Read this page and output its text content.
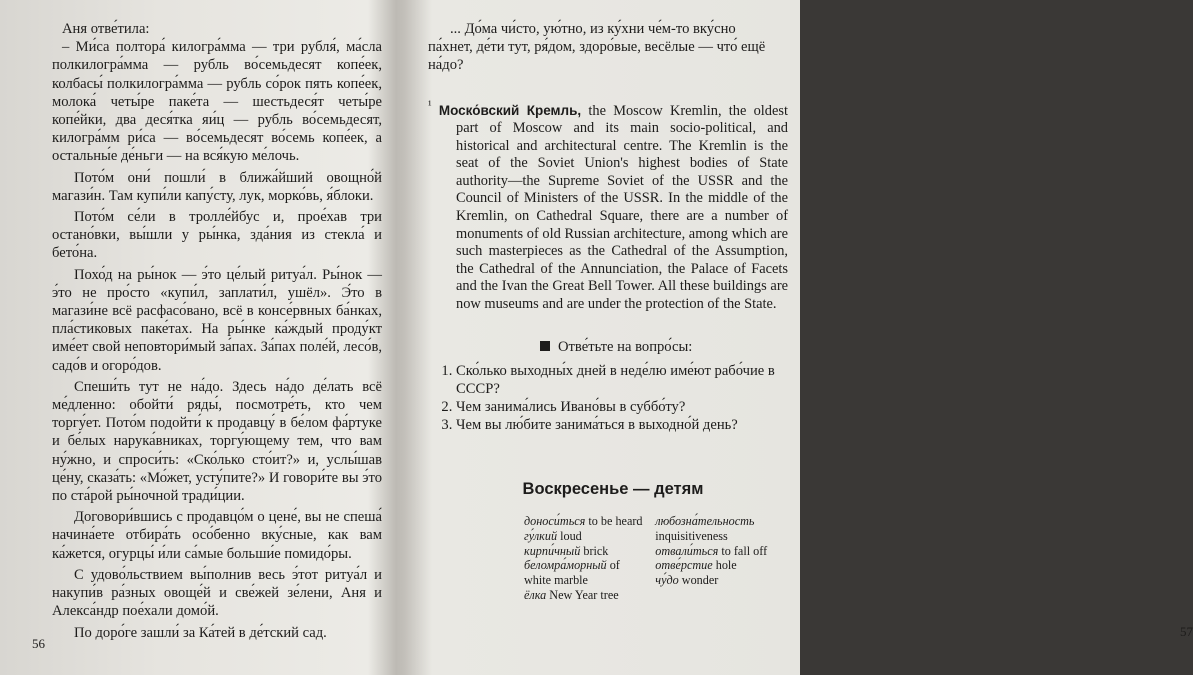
Аня отве́тила:

– Ми́са полтора́ килогра́мма — три рубля́, ма́сла полкилогра́мма — рубль во́семьдесят копе́ек, колбасы́ полкилогра́мма — рубль со́рок пять копе́ек, молока́ четы́ре паке́та — шестьдеся́т четы́ре копе́йки, два деся́тка яи́ц — рубль во́семьдесят, килогра́мм ри́са — во́семьдесят во́семь копе́ек, а остальны́е де́ньги — на вся́кую ме́лочь.

Пото́м они́ пошли́ в ближа́йший овощно́й магази́н. Там купи́ли капу́сту, лук, морко́вь, я́блоки.

Пото́м се́ли в тролле́йбус и, прое́хав три остано́вки, вы́шли у ры́нка, зда́ния из стекла́ и бето́на.

Похо́д на ры́нок — э́то це́лый ритуа́л. Ры́нок — э́то не про́сто «купи́л, заплати́л, ушёл». Э́то в магази́не всё расфасо́вано, всё в консе́рвных ба́нках, пла́стиковых паке́тах. На ры́нке ка́ждый проду́кт име́ет свой неповтори́мый за́пах. За́пах поле́й, лесо́в, садо́в и огоро́дов.

Спеши́ть тут не на́до. Здесь на́до де́лать всё ме́дленно: обойти́ ряды́, посмотре́ть, кто чем торгу́ет. Пото́м подойти́ к продавцу́ в бе́лом фа́ртуке и бе́лых нарука́вниках, торгу́ющему тем, что вам ну́жно, и спроси́ть: «Ско́лько сто́ит?» и, услы́шав це́ну, сказа́ть: «Мо́жет, усту́пите?» И говори́те вы э́то по ста́рой ры́ночной тради́ции.

Договори́вшись с продавцо́м о цене́, вы не спеша́ начина́ете отбира́ть осо́бенно вку́сные, как вам ка́жется, огурцы́ и́ли са́мые больши́е помидо́ры.

С удово́льствием вы́полнив весь э́тот ритуа́л и накупи́в ра́зных овоще́й и све́жей зе́лени, Аня и Алекса́ндр пое́хали домо́й.

По доро́ге зашли́ за Ка́тей в де́тский сад.

56

... До́ма чи́сто, ую́тно, из ку́хни че́м-то вку́сно па́хнет, де́ти тут, ря́дом, здоро́вые, весёлые — что́ ещё на́до?

$^{^1}$ Моско́вский Кремль, the Moscow Kremlin, the oldest part of Moscow and its main socio-political, and historical and architectural centre. The Kremlin is the seat of the Soviet Union's highest bodies of State authority—the Supreme Soviet of the USSR and the Council of Ministers of the USSR. In the middle of the Kremlin, on Cathedral Square, there are a number of monuments of old Russian architecture, among which are such masterpieces as the Cathedral of the Assumption, the Cathedral of the Annunciation, the Palace of Facets and the Ivan the Great Bell Tower. All these buildings are now museums and are under the protection of the State.

Отве́тьте на вопро́сы:

1. Ско́лько выходны́х дней в неде́лю име́ют рабо́чие в СССР?
2. Чем занима́лись Ивано́вы в суббо́ту?
3. Чем вы лю́бите занима́ться в выходно́й день?
Воскресенье — детям

доноси́ться to be heard

гу́лкий loud

кирпи́чный brick

беломра́морный of white marble

ёлка New Year tree

любозна́тельность inquisitiveness

отвали́ться to fall off

отве́рстие hole

чу́до wonder

57
